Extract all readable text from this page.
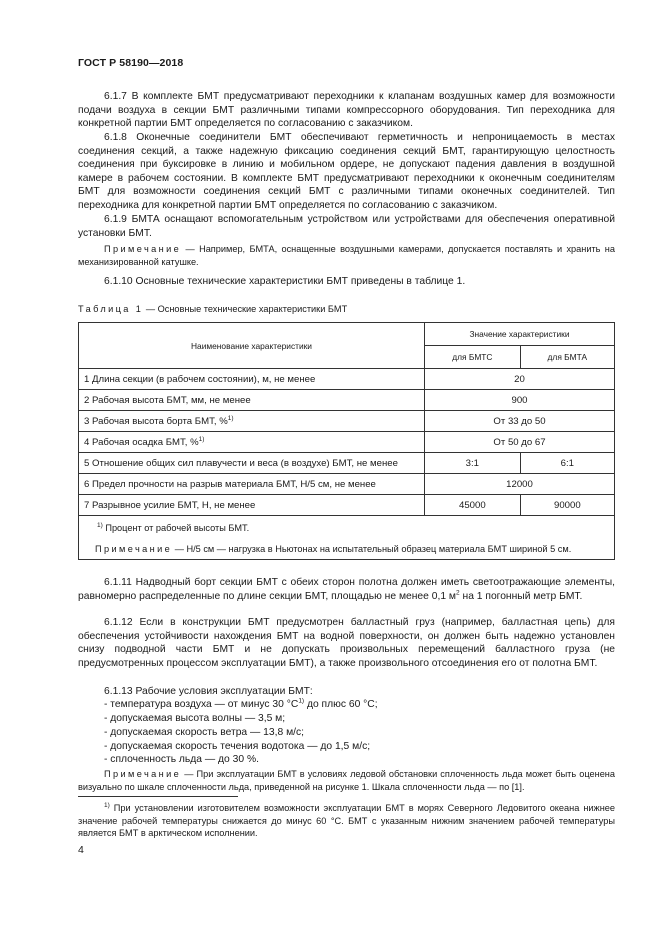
ГОСТ Р 58190—2018
6.1.7 В комплекте БМТ предусматривают переходники к клапанам воздушных камер для возможности подачи воздуха в секции БМТ различными типами компрессорного оборудования. Тип переходника для конкретной партии БМТ определяется по согласованию с заказчиком.
6.1.8 Оконечные соединители БМТ обеспечивают герметичность и непроницаемость в местах соединения секций, а также надежную фиксацию соединения секций БМТ, гарантирующую целостность соединения при буксировке в линию и мобильном ордере, не допускают падения давления в воздушной камере в рабочем состоянии. В комплекте БМТ предусматривают переходники к оконечным соединителям БМТ для возможности соединения секций БМТ с различными типами оконечных соединителей. Тип переходника для конкретной партии БМТ определяется по согласованию с заказчиком.
6.1.9 БМТА оснащают вспомогательным устройством или устройствами для обеспечения оперативной установки БМТ.
Примечание — Например, БМТА, оснащенные воздушными камерами, допускается поставлять и хранить на механизированной катушке.
6.1.10 Основные технические характеристики БМТ приведены в таблице 1.
Таблица 1 — Основные технические характеристики БМТ
Наименование характеристики	Значение характеристики	
	для БМТС	для БМТА
1 Длина секции (в рабочем состоянии), м, не менее	20	
2 Рабочая высота БМТ, мм, не менее	900	
3 Рабочая высота борта БМТ, %$^{1)}$	От 33 до 50	
4 Рабочая осадка БМТ, %$^{1)}$	От 50 до 67	
5 Отношение общих сил плавучести и веса (в воздухе) БМТ, не менее	3:1	6:1
6 Предел прочности на разрыв материала БМТ, Н/5 см, не менее	12000	
7 Разрывное усилие БМТ, Н, не менее	45000	90000

$^{1)}$ Процент от рабочей высоты БМТ.
Примечание — Н/5 см — нагрузка в Ньютонах на испытательный образец материала БМТ шириной 5 см.		
6.1.11 Надводный борт секции БМТ с обеих сторон полотна должен иметь светоотражающие элементы, равномерно распределенные по длине секции БМТ, площадью не менее 0,1 $м^2$ на 1 погонный метр БМТ.
6.1.12 Если в конструкции БМТ предусмотрен балластный груз (например, балластная цепь) для обеспечения устойчивости нахождения БМТ на водной поверхности, он должен быть надежно установлен снизу подводной части БМТ и не допускать произвольных перемещений балластного груза (не предусмотренных процессом эксплуатации БМТ), а также произвольного отсоединения его от полотна БМТ.
6.1.13 Рабочие условия эксплуатации БМТ:
- температура воздуха — от минус 30 $^\circ С^{1)}$ до плюс 60 °С;
- допускаемая высота волны — 3,5 м;
- допускаемая скорость ветра — 13,8 м/с;
- допускаемая скорость течения водотока — до 1,5 м/с;
- сплоченность льда — до 30 %.
Примечание — При эксплуатации БМТ в условиях ледовой обстановки сплоченность льда может быть оценена визуально по шкале сплоченности льда, приведенной на рисунке 1. Шкала сплоченности льда — по [1].
$^{1)}$ При установлении изготовителем возможности эксплуатации БМТ в морях Северного Ледовитого океана нижнее значение рабочей температуры снижается до минус 60 °С. БМТ с указанным нижним значением рабочей температуры является БМТ в арктическом исполнении.
4
